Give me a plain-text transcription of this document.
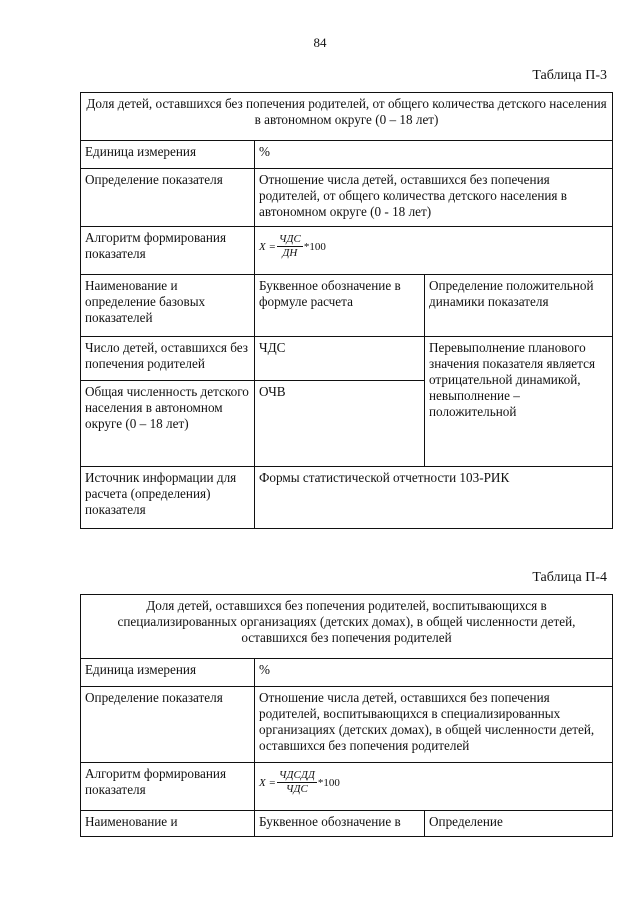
84
Таблица П-3
Доля детей, оставшихся без попечения родителей, от общего количества детского населения в автономном округе (0 – 18 лет)		
Единица измерения	%	
Определение показателя	Отношение числа детей, оставшихся без попечения родителей, от общего количества детского населения в автономном округе (0 - 18 лет)	
Алгоритм формирования показателя	$X = \frac{\text{ЧДС}}{ДН} *100$	

Наименование и определение базовых показателей	Буквенное обозначение в формуле расчета	Определение положительной динамики показателя
Число детей, оставшихся без попечения родителей	ЧДС	Перевыполнение планового значения показателя является отрицательной динамикой, невыполнение – положительной
Общая численность детского населения в автономном округе (0 – 18 лет)	ОЧВ	
Источник информации для расчета (определения) показателя	Формы статистической отчетности 103-РИК	
Таблица П-4
Доля детей, оставшихся без попечения родителей, воспитывающихся в специализированных организациях (детских домах), в общей численности детей, оставшихся без попечения родителей		
Единица измерения	%	
Определение показателя	Отношение числа детей, оставшихся без попечения родителей, воспитывающихся в специализированных организациях (детских домах), в общей численности детей, оставшихся без попечения родителей	
Алгоритм формирования показателя	$X = \frac{\text{ЧДСДД}}{\text{ЧДС}} *100$	

Наименование и	Буквенное обозначение в	Определение
